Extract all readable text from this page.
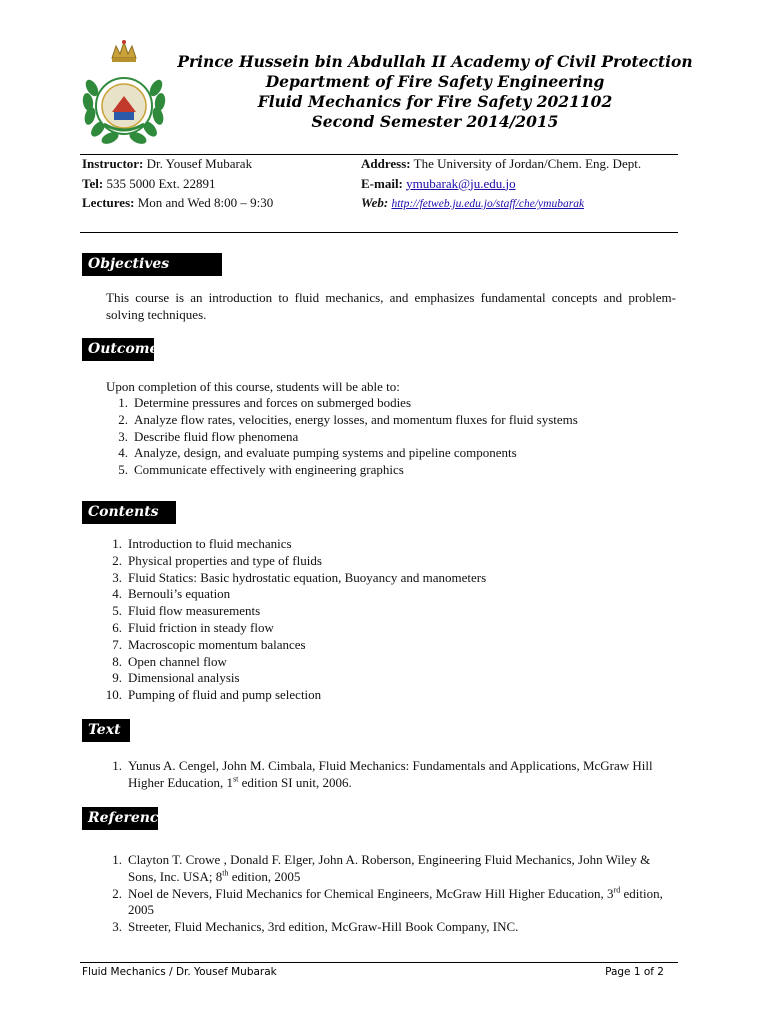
Prince Hussein bin Abdullah II Academy of Civil Protection
Department of Fire Safety Engineering
Fluid Mechanics for Fire Safety 2021102
Second Semester 2014/2015
Instructor: Dr. Yousef Mubarak
Tel: 535 5000 Ext. 22891
Lectures: Mon and Wed 8:00 – 9:30
Address: The University of Jordan/Chem. Eng. Dept.
E-mail: ymubarak@ju.edu.jo
Web: http://fetweb.ju.edu.jo/staff/che/ymubarak
Objectives
This course is an introduction to fluid mechanics, and emphasizes fundamental concepts and problem-solving techniques.
Outcomes
Upon completion of this course, students will be able to:
1. Determine pressures and forces on submerged bodies
2. Analyze flow rates, velocities, energy losses, and momentum fluxes for fluid systems
3. Describe fluid flow phenomena
4. Analyze, design, and evaluate pumping systems and pipeline components
5. Communicate effectively with engineering graphics
Contents
1. Introduction to fluid mechanics
2. Physical properties and type of fluids
3. Fluid Statics: Basic hydrostatic equation, Buoyancy and manometers
4. Bernouli’s equation
5. Fluid flow measurements
6. Fluid friction in steady flow
7. Macroscopic momentum balances
8. Open channel flow
9. Dimensional analysis
10. Pumping of fluid and pump selection
Text
1. Yunus A. Cengel, John M. Cimbala, Fluid Mechanics: Fundamentals and Applications, McGraw Hill Higher Education, 1st edition SI unit, 2006.
References
1. Clayton T. Crowe , Donald F. Elger, John A. Roberson, Engineering Fluid Mechanics, John Wiley & Sons, Inc. USA; 8th edition, 2005
2. Noel de Nevers, Fluid Mechanics for Chemical Engineers, McGraw Hill Higher Education, 3rd edition, 2005
3. Streeter, Fluid Mechanics, 3rd edition, McGraw-Hill Book Company, INC.
Fluid Mechanics / Dr. Yousef Mubarak	Page 1 of 2
